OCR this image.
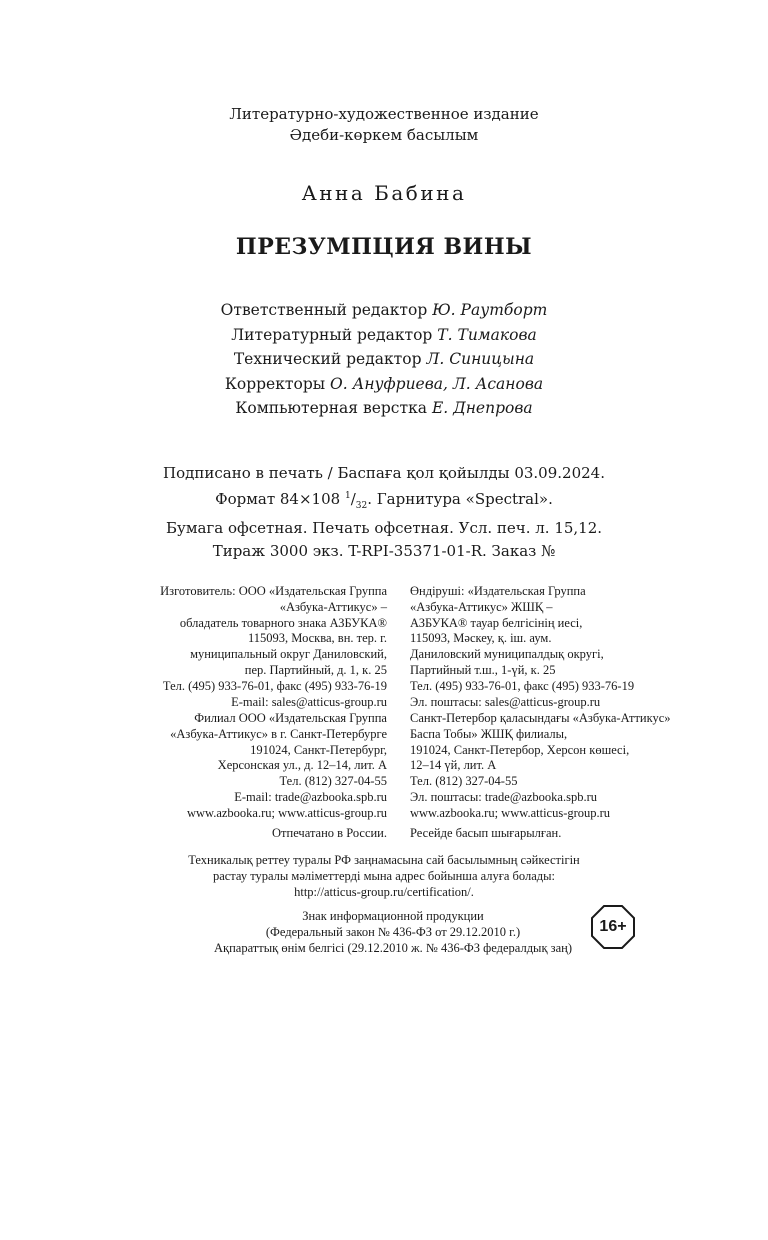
Литературно-художественное издание
Әдеби-көркем басылым
Анна Бабина
ПРЕЗУМПЦИЯ ВИНЫ
Ответственный редактор Ю. Раутборт
Литературный редактор Т. Тимакова
Технический редактор Л. Синицына
Корректоры О. Ануфриева, Л. Асанова
Компьютерная верстка Е. Днепрова
Подписано в печать / Баспаға қол қойылды 03.09.2024.
Формат 84×108 $^1/_{32}$. Гарнитура «Spectral».
Бумага офсетная. Печать офсетная. Усл. печ. л. 15,12.
Тираж 3000 экз. T-RPI-35371-01-R. Заказ №
Изготовитель: ООО «Издательская Группа
«Азбука-Аттикус» –
обладатель товарного знака АЗБУКА®
115093, Москва, вн. тер. г.
муниципальный округ Даниловский,
пер. Партийный, д. 1, к. 25
Тел. (495) 933-76-01, факс (495) 933-76-19
E-mail: sales@atticus-group.ru
Өндіруші: «Издательская Группа
«Азбука-Аттикус» ЖШҚ –
АЗБУКА® тауар белгісінің иесі,
115093, Мәскеу, қ. іш. аум.
Даниловский муниципалдық округі,
Партийный т.ш., 1-үй, к. 25
Тел. (495) 933-76-01, факс (495) 933-76-19
Эл. поштасы: sales@atticus-group.ru
Филиал ООО «Издательская Группа
«Азбука-Аттикус» в г. Санкт-Петербурге
191024, Санкт-Петербург,
Херсонская ул., д. 12–14, лит. А
Тел. (812) 327-04-55
E-mail: trade@azbooka.spb.ru
Санкт-Петербор қаласындағы «Азбука-Аттикус»
Баспа Тобы» ЖШҚ филиалы,
191024, Санкт-Петербор, Херсон көшесі,
12–14 үй, лит. А
Тел. (812) 327-04-55
Эл. поштасы: trade@azbooka.spb.ru
www.azbooka.ru; www.atticus-group.ru www.azbooka.ru; www.atticus-group.ru
Отпечатано в России. Ресейде басып шығарылған.
Техникалық реттеу туралы РФ заңнамасына сай басылымның сәйкестігін
растау туралы мәліметтерді мына адрес бойынша алуға болады:
http://atticus-group.ru/certification/.
Знак информационной продукции
(Федеральный закон № 436-ФЗ от 29.12.2010 г.)
Ақпараттық өнім белгісі (29.12.2010 ж. № 436-ФЗ федералдық заң)
16+
